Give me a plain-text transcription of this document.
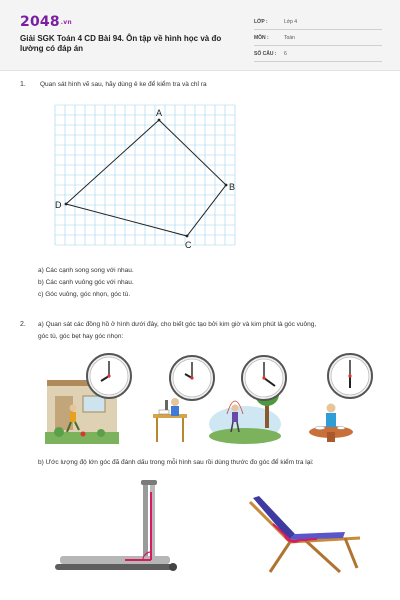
2048.vn
Giải SGK Toán 4 CD Bài 94. Ôn tập về hình học và đo lường có đáp án
LỚP :	Lớp 4
MÔN :	Toán
SỐ CÂU :	6
1. Quan sát hình vẽ sau, hãy dùng ê ke để kiểm tra và chỉ ra
A
B
C
D
a) Các cạnh song song với nhau.
b) Các cạnh vuông góc với nhau.
c) Góc vuông, góc nhọn, góc tù.
2. a) Quan sát các đồng hồ ở hình dưới đây, cho biết góc tạo bởi kim giờ và kim phút là góc vuông,
góc tù, góc bẹt hay góc nhọn:
b) Ước lượng độ lớn góc đã đánh dấu trong mỗi hình sau rồi dùng thước đo góc để kiểm tra lại:
